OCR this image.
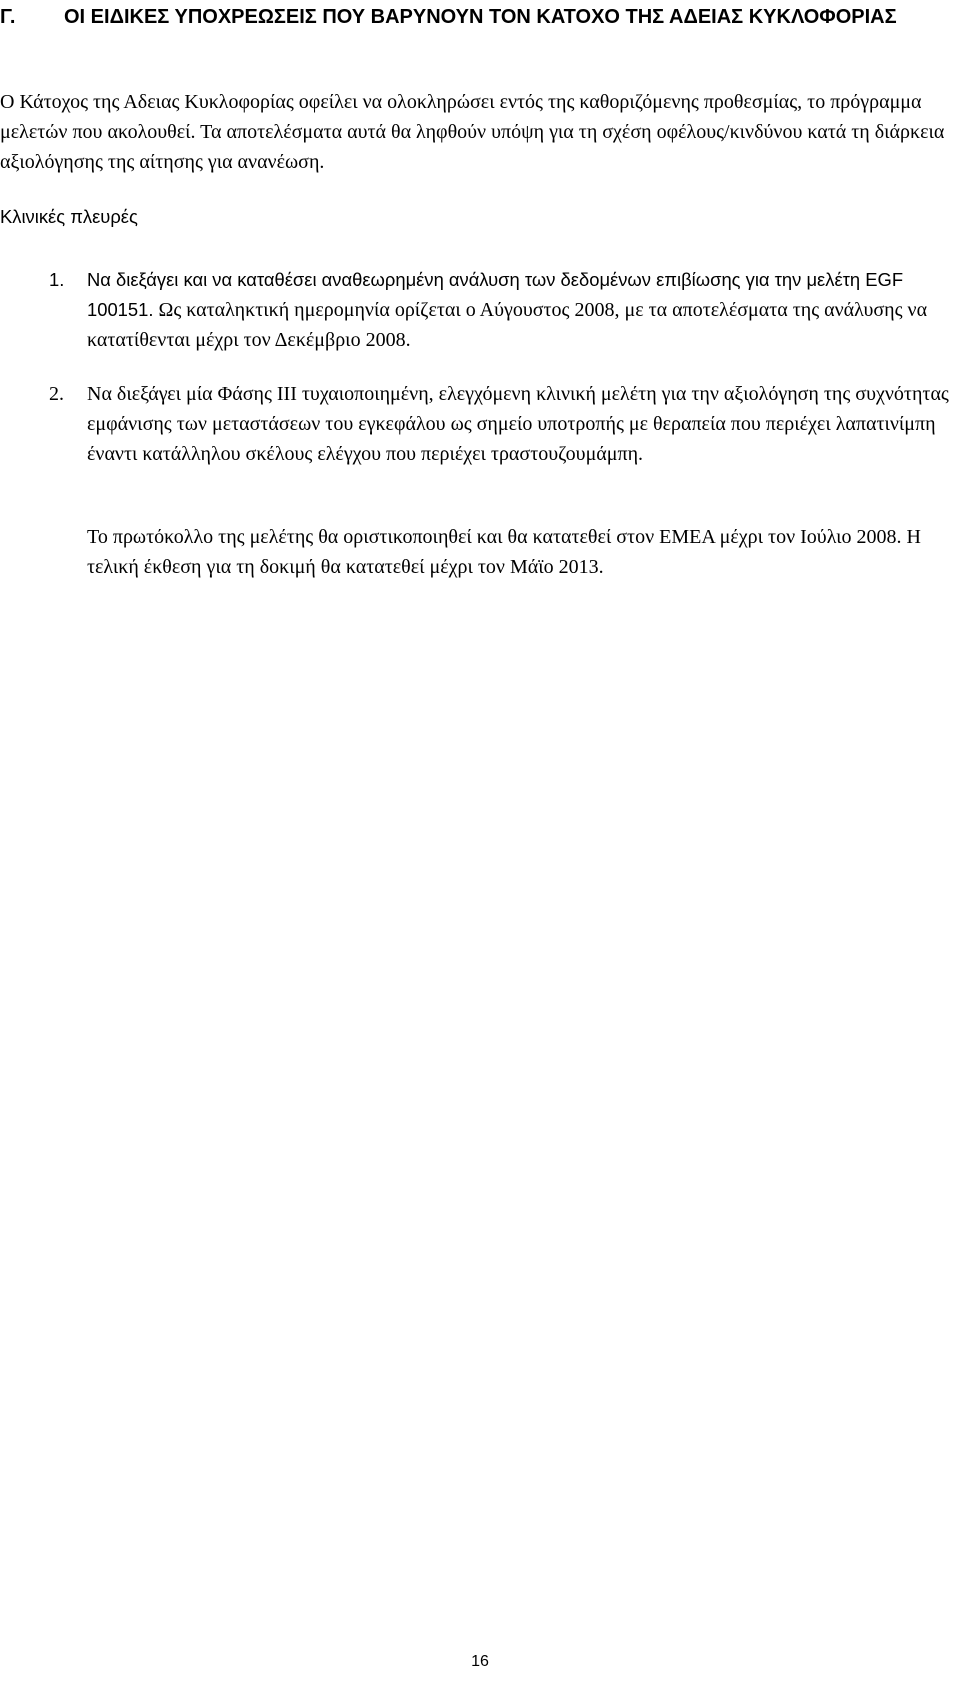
Γ. ΟΙ ΕΙΔΙΚΕΣ ΥΠΟΧΡΕΩΣΕΙΣ ΠΟΥ ΒΑΡΥΝΟΥΝ ΤΟΝ ΚΑΤΟΧΟ ΤΗΣ ΑΔΕΙΑΣ ΚΥΚΛΟΦΟΡΙΑΣ

Ο Κάτοχος της Αδειας Κυκλοφορίας οφείλει να ολοκληρώσει εντός της καθοριζόμενης προθεσμίας, το πρόγραμμα μελετών που ακολουθεί. Τα αποτελέσματα αυτά θα ληφθούν υπόψη για τη σχέση οφέλους/κινδύνου κατά τη διάρκεια αξιολόγησης της αίτησης για ανανέωση.

Κλινικές πλευρές

1. Να διεξάγει και να καταθέσει αναθεωρημένη ανάλυση των δεδομένων επιβίωσης για την μελέτη EGF 100151. Ως καταληκτική ημερομηνία ορίζεται ο Αύγουστος 2008, με τα αποτελέσματα της ανάλυσης να κατατίθενται μέχρι τον Δεκέμβριο 2008.

2. Να διεξάγει μία Φάσης ΙΙΙ τυχαιοποιημένη, ελεγχόμενη κλινική μελέτη για την αξιολόγηση της συχνότητας εμφάνισης των μεταστάσεων του εγκεφάλου ως σημείο υποτροπής με θεραπεία που περιέχει λαπατινίμπη έναντι κατάλληλου σκέλους ελέγχου που περιέχει τραστουζουμάμπη.

Το πρωτόκολλο της μελέτης θα οριστικοποιηθεί και θα κατατεθεί στον ΕΜΕΑ μέχρι τον Ιούλιο 2008. Η τελική έκθεση για τη δοκιμή θα κατατεθεί μέχρι τον Μάϊο 2013.

16
